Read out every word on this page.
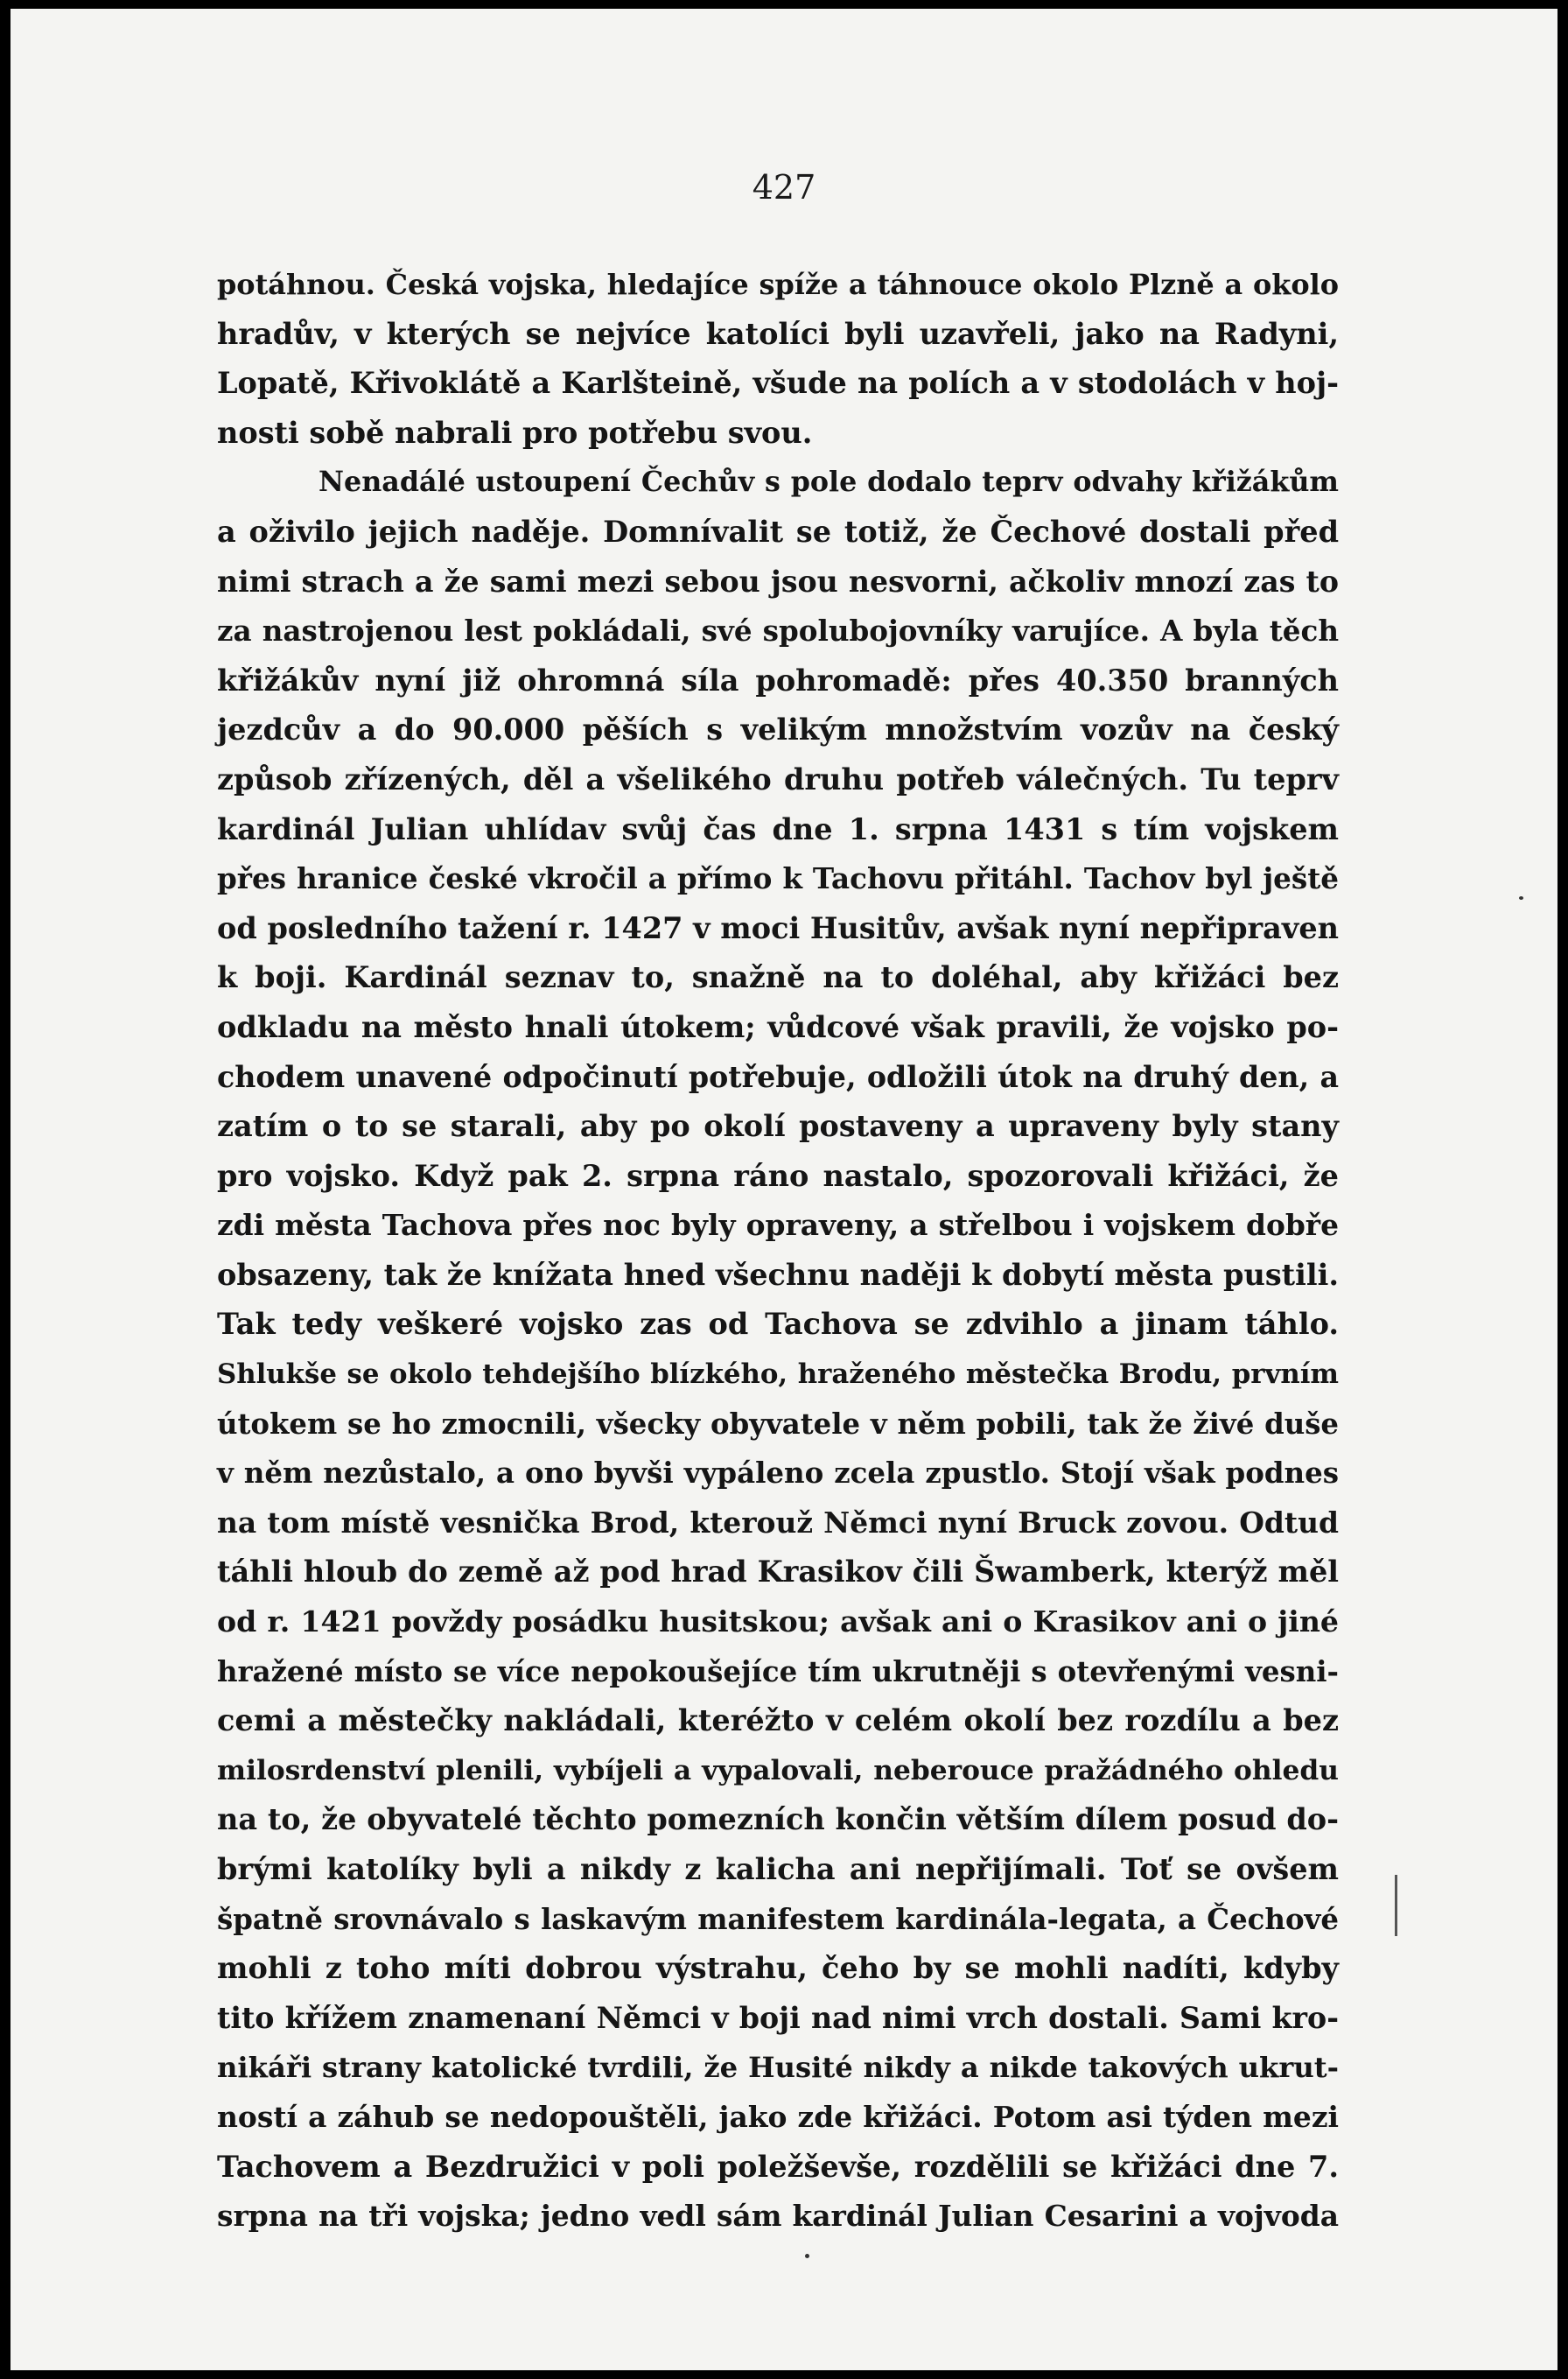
427
potáhnou. Česká vojska, hledajíce spíže a táhnouce okolo Plzně a okolo
hradův, v kterých se nejvíce katolíci byli uzavřeli, jako na Radyni,
Lopatě, Křivoklátě a Karlšteině, všude na polích a v stodolách v hoj-
nosti sobě nabrali pro potřebu svou.
Nenadálé ustoupení Čechův s pole dodalo teprv odvahy křižákům
a oživilo jejich naděje. Domnívalit se totiž, že Čechové dostali před
nimi strach a že sami mezi sebou jsou nesvorni, ačkoliv mnozí zas to
za nastrojenou lest pokládali, své spolubojovníky varujíce. A byla těch
křižákův nyní již ohromná síla pohromadě: přes 40.350 branných
jezdcův a do 90.000 pěších s velikým množstvím vozův na český
způsob zřízených, děl a všelikého druhu potřeb válečných. Tu teprv
kardinál Julian uhlídav svůj čas dne 1. srpna 1431 s tím vojskem
přes hranice české vkročil a přímo k Tachovu přitáhl. Tachov byl ještě
od posledního tažení r. 1427 v moci Husitův, avšak nyní nepřipraven
k boji. Kardinál seznav to, snažně na to doléhal, aby křižáci bez
odkladu na město hnali útokem; vůdcové však pravili, že vojsko po-
chodem unavené odpočinutí potřebuje, odložili útok na druhý den, a
zatím o to se starali, aby po okolí postaveny a upraveny byly stany
pro vojsko. Když pak 2. srpna ráno nastalo, spozorovali křižáci, že
zdi města Tachova přes noc byly opraveny, a střelbou i vojskem dobře
obsazeny, tak že knížata hned všechnu naději k dobytí města pustili.
Tak tedy veškeré vojsko zas od Tachova se zdvihlo a jinam táhlo.
Shlukše se okolo tehdejšího blízkého, hraženého městečka Brodu, prvním
útokem se ho zmocnili, všecky obyvatele v něm pobili, tak že živé duše
v něm nezůstalo, a ono byvši vypáleno zcela zpustlo. Stojí však podnes
na tom místě vesnička Brod, kterouž Němci nyní Bruck zovou. Odtud
táhli hloub do země až pod hrad Krasikov čili Šwamberk, kterýž měl
od r. 1421 povždy posádku husitskou; avšak ani o Krasikov ani o jiné
hražené místo se více nepokoušejíce tím ukrutněji s otevřenými vesni-
cemi a městečky nakládali, kteréžto v celém okolí bez rozdílu a bez
milosrdenství plenili, vybíjeli a vypalovali, neberouce pražádného ohledu
na to, že obyvatelé těchto pomezních končin větším dílem posud do-
brými katolíky byli a nikdy z kalicha ani nepřijímali. Toť se ovšem
špatně srovnávalo s laskavým manifestem kardinála-legata, a Čechové
mohli z toho míti dobrou výstrahu, čeho by se mohli nadíti, kdyby
tito křížem znamenaní Němci v boji nad nimi vrch dostali. Sami kro-
nikáři strany katolické tvrdili, že Husité nikdy a nikde takových ukrut-
ností a záhub se nedopouštěli, jako zde křižáci. Potom asi týden mezi
Tachovem a Bezdružici v poli poležševše, rozdělili se křižáci dne 7.
srpna na tři vojska; jedno vedl sám kardinál Julian Cesarini a vojvoda
